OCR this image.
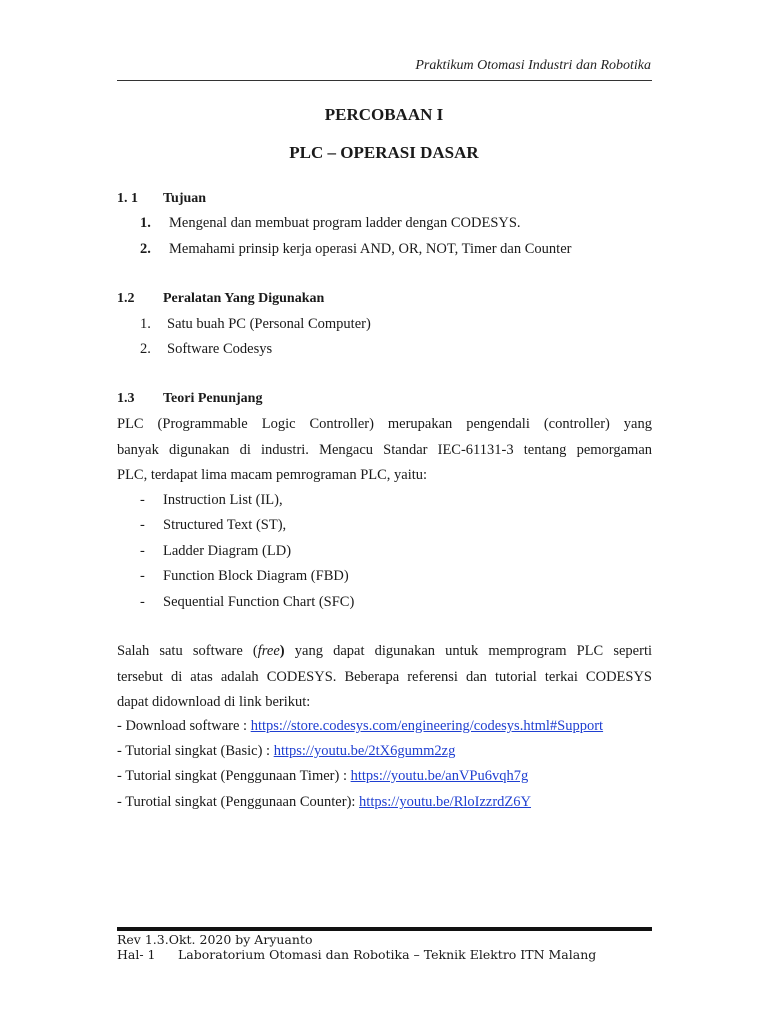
Praktikum Otomasi Industri dan Robotika
PERCOBAAN I
PLC – OPERASI DASAR
1. 1 Tujuan
1. Mengenal dan membuat program ladder dengan CODESYS.
2. Memahami prinsip kerja operasi AND, OR, NOT, Timer dan Counter
1.2 Peralatan Yang Digunakan
1. Satu buah PC (Personal Computer)
2. Software Codesys
1.3 Teori Penunjang
PLC (Programmable Logic Controller) merupakan pengendali (controller) yang
banyak digunakan di industri. Mengacu Standar IEC-61131-3 tentang pemorgaman
PLC, terdapat lima macam pemrograman PLC, yaitu:
- Instruction List (IL),
- Structured Text (ST),
- Ladder Diagram (LD)
- Function Block Diagram (FBD)
- Sequential Function Chart (SFC)
Salah satu software (free) yang dapat digunakan untuk memprogram PLC seperti
tersebut di atas adalah CODESYS. Beberapa referensi dan tutorial terkai CODESYS
dapat didownload di link berikut:
- Download software : https://store.codesys.com/engineering/codesys.html#Support
- Tutorial singkat (Basic) : https://youtu.be/2tX6gumm2zg
- Tutorial singkat (Penggunaan Timer) : https://youtu.be/anVPu6vqh7g
- Turotial singkat (Penggunaan Counter): https://youtu.be/RloIzzrdZ6Y
Rev 1.3.Okt. 2020 by Aryuanto
Hal- 1 Laboratorium Otomasi dan Robotika – Teknik Elektro ITN Malang
